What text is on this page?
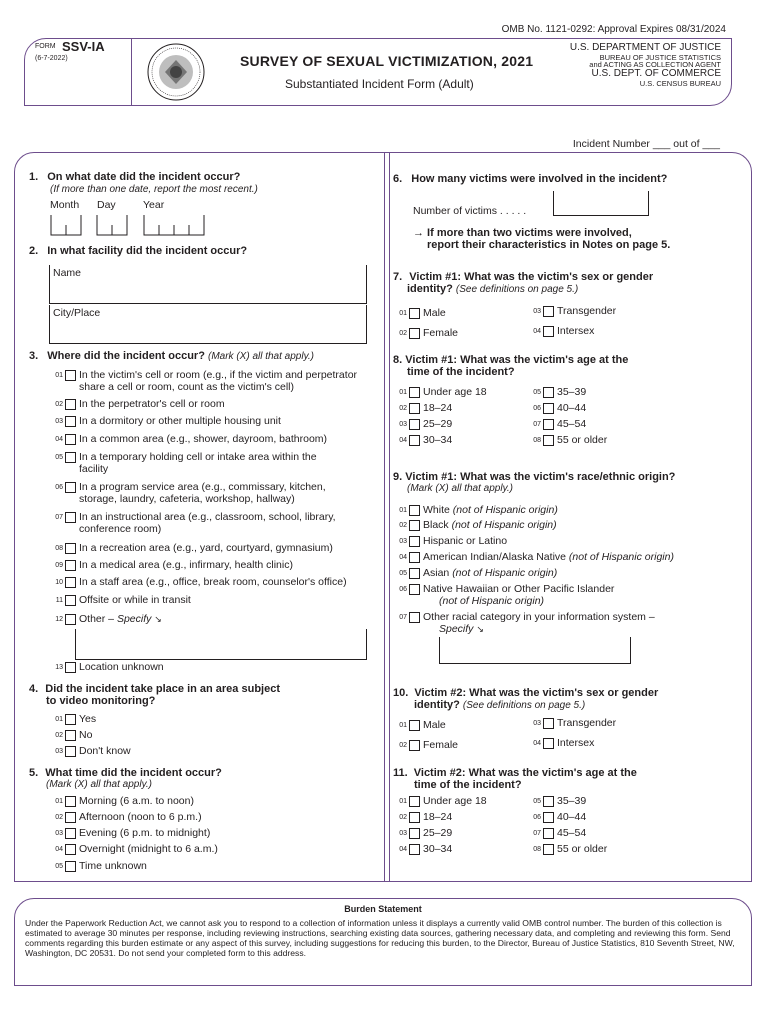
OMB No. 1121-0292: Approval Expires 08/31/2024
FORM SSV-IA
(6-7-2022)	SURVEY OF SEXUAL VICTIMIZATION, 2021
Substantiated Incident Form (Adult)
U.S. DEPARTMENT OF JUSTICE
BUREAU OF JUSTICE STATISTICS
and ACTING AS COLLECTION AGENT
U.S. DEPT. OF COMMERCE
U.S. CENSUS BUREAU
Incident Number ___ out of ___
1. On what date did the incident occur?
(If more than one date, report the most recent.)
Month Day	Year
2. In what facility did the incident occur?
Name
City/Place
3. Where did the incident occur? (Mark (X) all that apply.)
01 In the victim's cell or room (e.g., if the victim and perpetrator
share a cell or room, count as the victim's cell)
02 In the perpetrator's cell or room
03 In a dormitory or other multiple housing unit
04 In a common area (e.g., shower, dayroom, bathroom)
05 In a temporary holding cell or intake area within the
facility
06 In a program service area (e.g., commissary, kitchen,
storage, laundry, cafeteria, workshop, hallway)
07 In an instructional area (e.g., classroom, school, library,
conference room)
08 In a recreation area (e.g., yard, courtyard, gymnasium)
09 In a medical area (e.g., infirmary, health clinic)
10 In a staff area (e.g., office, break room, counselor's office)
11 Offsite or while in transit
12 Other – Specify ↘
13 Location unknown
4. Did the incident take place in an area subject
to video monitoring?
01 Yes
02 No
03 Don't know
5. What time did the incident occur?
(Mark (X) all that apply.)
01 Morning (6 a.m. to noon)
02 Afternoon (noon to 6 p.m.)
03 Evening (6 p.m. to midnight)
04 Overnight (midnight to 6 a.m.)
05 Time unknown
6. How many victims were involved in the incident?
Number of victims . . . . .
→ If more than two victims were involved,
report their characteristics in Notes on page 5.
7. Victim #1: What was the victim's sex or gender
identity? (See definitions on page 5.)
01 Male	03 Transgender
02 Female	04 Intersex
8. Victim #1: What was the victim's age at the
time of the incident?
01 Under age 18	05 35–39
02 18–24	06 40–44
03 25–29	07 45–54
04 30–34	08 55 or older
9. Victim #1: What was the victim's race/ethnic origin?
(Mark (X) all that apply.)
01 White (not of Hispanic origin)
02 Black (not of Hispanic origin)
03 Hispanic or Latino
04 American Indian/Alaska Native (not of Hispanic origin)
05 Asian (not of Hispanic origin)
06 Native Hawaiian or Other Pacific Islander
(not of Hispanic origin)
07 Other racial category in your information system –
Specify ↘
10. Victim #2: What was the victim's sex or gender
identity? (See definitions on page 5.)
01 Male	03 Transgender
02 Female	04 Intersex
11. Victim #2: What was the victim's age at the
time of the incident?
01 Under age 18	05 35–39
02 18–24	06 40–44
03 25–29	07 45–54
04 30–34	08 55 or older
Burden Statement
Under the Paperwork Reduction Act, we cannot ask you to respond to a collection of information unless it displays a currently valid OMB control number. The burden of this collection is estimated to average 30 minutes per response, including reviewing instructions, searching existing data sources, gathering necessary data, and completing and reviewing this form. Send comments regarding this burden estimate or any aspect of this survey, including suggestions for reducing this burden, to the Director, Bureau of Justice Statistics, 810 Seventh Street, NW, Washington, DC 20531. Do not send your completed form to this address.
